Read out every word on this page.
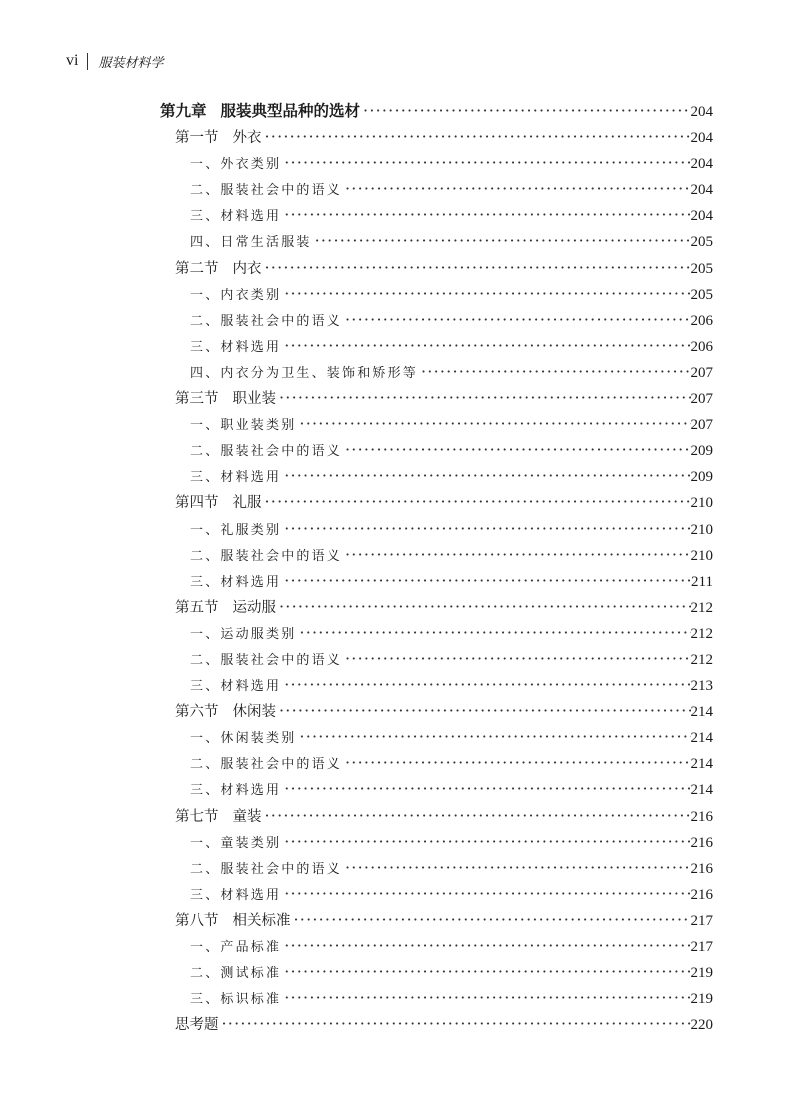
vi 服装材料学
第九章 服装典型品种的选材 ·····	204
第一节 外衣 ·····	204
一、外衣类别 ·····	204
二、服装社会中的语义 ·····	204
三、材料选用 ·····	204
四、日常生活服装 ·····	205
第二节 内衣 ·····	205
一、内衣类别 ·····	205
二、服装社会中的语义 ·····	206
三、材料选用 ·····	206
四、内衣分为卫生、装饰和矫形等 ·····	207
第三节 职业装 ·····	207
一、职业装类别 ·····	207
二、服装社会中的语义 ·····	209
三、材料选用 ·····	209
第四节 礼服 ·····	210
一、礼服类别 ·····	210
二、服装社会中的语义 ·····	210
三、材料选用 ·····	211
第五节 运动服 ·····	212
一、运动服类别 ·····	212
二、服装社会中的语义 ·····	212
三、材料选用 ·····	213
第六节 休闲装 ·····	214
一、休闲装类别 ·····	214
二、服装社会中的语义 ·····	214
三、材料选用 ·····	214
第七节 童装 ·····	216
一、童装类别 ·····	216
二、服装社会中的语义 ·····	216
三、材料选用 ·····	216
第八节 相关标准 ·····	217
一、产品标准 ·····	217
二、测试标准 ·····	219
三、标识标准 ·····	219
思考题 ·····	220
